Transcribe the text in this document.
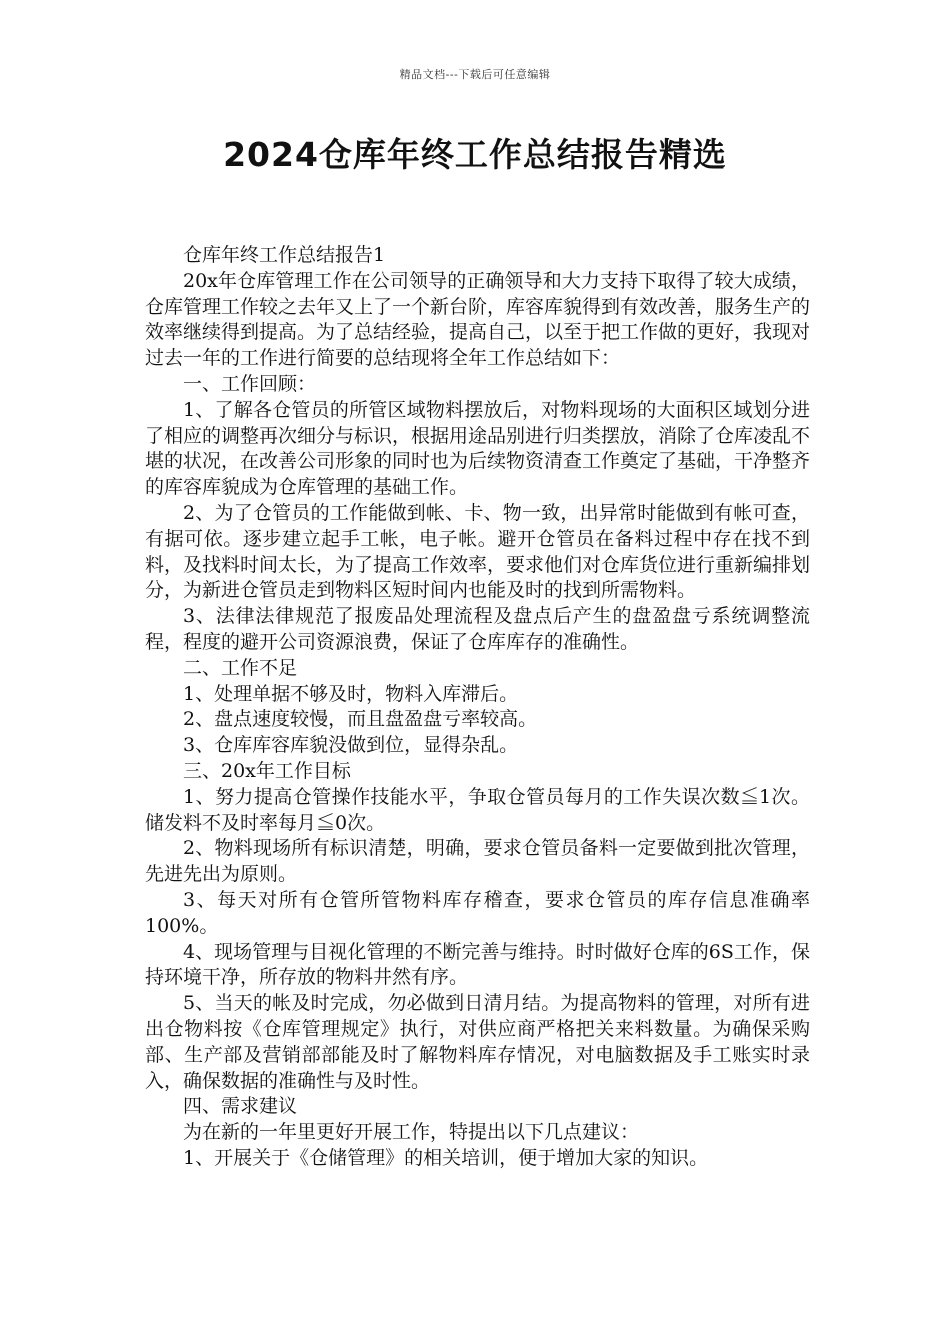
精品文档---下载后可任意编辑
2024仓库年终工作总结报告精选

仓库年终工作总结报告1

20x年仓库管理工作在公司领导的正确领导和大力支持下取得了较大成绩，仓库管理工作较之去年又上了一个新台阶，库容库貌得到有效改善，服务生产的效率继续得到提高。为了总结经验，提高自己，以至于把工作做的更好，我现对过去一年的工作进行简要的总结现将全年工作总结如下：

一、工作回顾：

1、了解各仓管员的所管区域物料摆放后，对物料现场的大面积区域划分进了相应的调整再次细分与标识，根据用途品别进行归类摆放，消除了仓库凌乱不堪的状况，在改善公司形象的同时也为后续物资清查工作奠定了基础，干净整齐的库容库貌成为仓库管理的基础工作。

2、为了仓管员的工作能做到帐、卡、物一致，出异常时能做到有帐可查，有据可依。逐步建立起手工帐，电子帐。避开仓管员在备料过程中存在找不到料，及找料时间太长，为了提高工作效率，要求他们对仓库货位进行重新编排划分，为新进仓管员走到物料区短时间内也能及时的找到所需物料。

3、法律法律规范了报废品处理流程及盘点后产生的盘盈盘亏系统调整流程，程度的避开公司资源浪费，保证了仓库库存的准确性。

二、工作不足

1、处理单据不够及时，物料入库滞后。

2、盘点速度较慢，而且盘盈盘亏率较高。

3、仓库库容库貌没做到位，显得杂乱。

三、20x年工作目标

1、努力提高仓管操作技能水平，争取仓管员每月的工作失误次数≦1次。储发料不及时率每月≦0次。

2、物料现场所有标识清楚，明确，要求仓管员备料一定要做到批次管理，先进先出为原则。

3、每天对所有仓管所管物料库存稽查，要求仓管员的库存信息准确率100%。

4、现场管理与目视化管理的不断完善与维持。时时做好仓库的6S工作，保持环境干净，所存放的物料井然有序。

5、当天的帐及时完成，勿必做到日清月结。为提高物料的管理，对所有进出仓物料按《仓库管理规定》执行，对供应商严格把关来料数量。为确保采购部、生产部及营销部部能及时了解物料库存情况，对电脑数据及手工账实时录入，确保数据的准确性与及时性。

四、需求建议

为在新的一年里更好开展工作，特提出以下几点建议：

1、开展关于《仓储管理》的相关培训，便于增加大家的知识。
